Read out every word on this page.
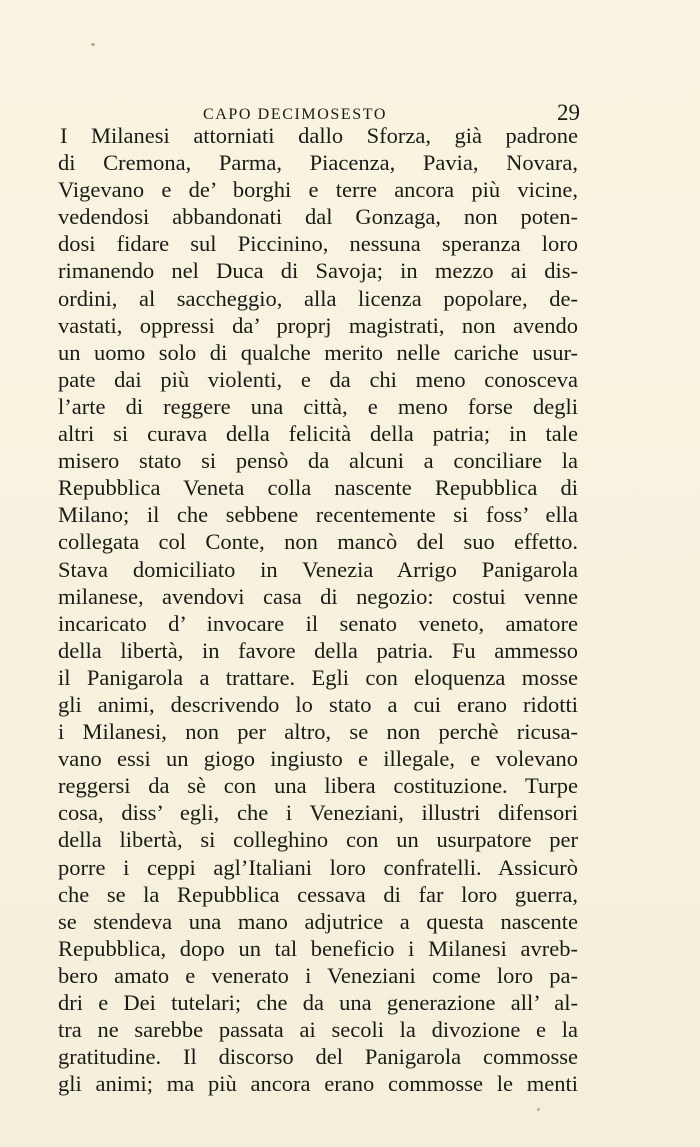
CAPO DECIMOSESTO	29
I Milanesi attorniati dallo Sforza, già padrone
di Cremona, Parma, Piacenza, Pavia, Novara,
Vigevano e de’ borghi e terre ancora più vicine,
vedendosi abbandonati dal Gonzaga, non poten-
dosi fidare sul Piccinino, nessuna speranza loro
rimanendo nel Duca di Savoja; in mezzo ai dis-
ordini, al saccheggio, alla licenza popolare, de-
vastati, oppressi da’ proprj magistrati, non avendo
un uomo solo di qualche merito nelle cariche usur-
pate dai più violenti, e da chi meno conosceva
l’arte di reggere una città, e meno forse degli
altri si curava della felicità della patria; in tale
misero stato si pensò da alcuni a conciliare la
Repubblica Veneta colla nascente Repubblica di
Milano; il che sebbene recentemente si foss’ ella
collegata col Conte, non mancò del suo effetto.
Stava domiciliato in Venezia Arrigo Panigarola
milanese, avendovi casa di negozio: costui venne
incaricato d’ invocare il senato veneto, amatore
della libertà, in favore della patria. Fu ammesso
il Panigarola a trattare. Egli con eloquenza mosse
gli animi, descrivendo lo stato a cui erano ridotti
i Milanesi, non per altro, se non perchè ricusa-
vano essi un giogo ingiusto e illegale, e volevano
reggersi da sè con una libera costituzione. Turpe
cosa, diss’ egli, che i Veneziani, illustri difensori
della libertà, si colleghino con un usurpatore per
porre i ceppi agl’Italiani loro confratelli. Assicurò
che se la Repubblica cessava di far loro guerra,
se stendeva una mano adjutrice a questa nascente
Repubblica, dopo un tal beneficio i Milanesi avreb-
bero amato e venerato i Veneziani come loro pa-
dri e Dei tutelari; che da una generazione all’ al-
tra ne sarebbe passata ai secoli la divozione e la
gratitudine. Il discorso del Panigarola commosse
gli animi; ma più ancora erano commosse le menti
